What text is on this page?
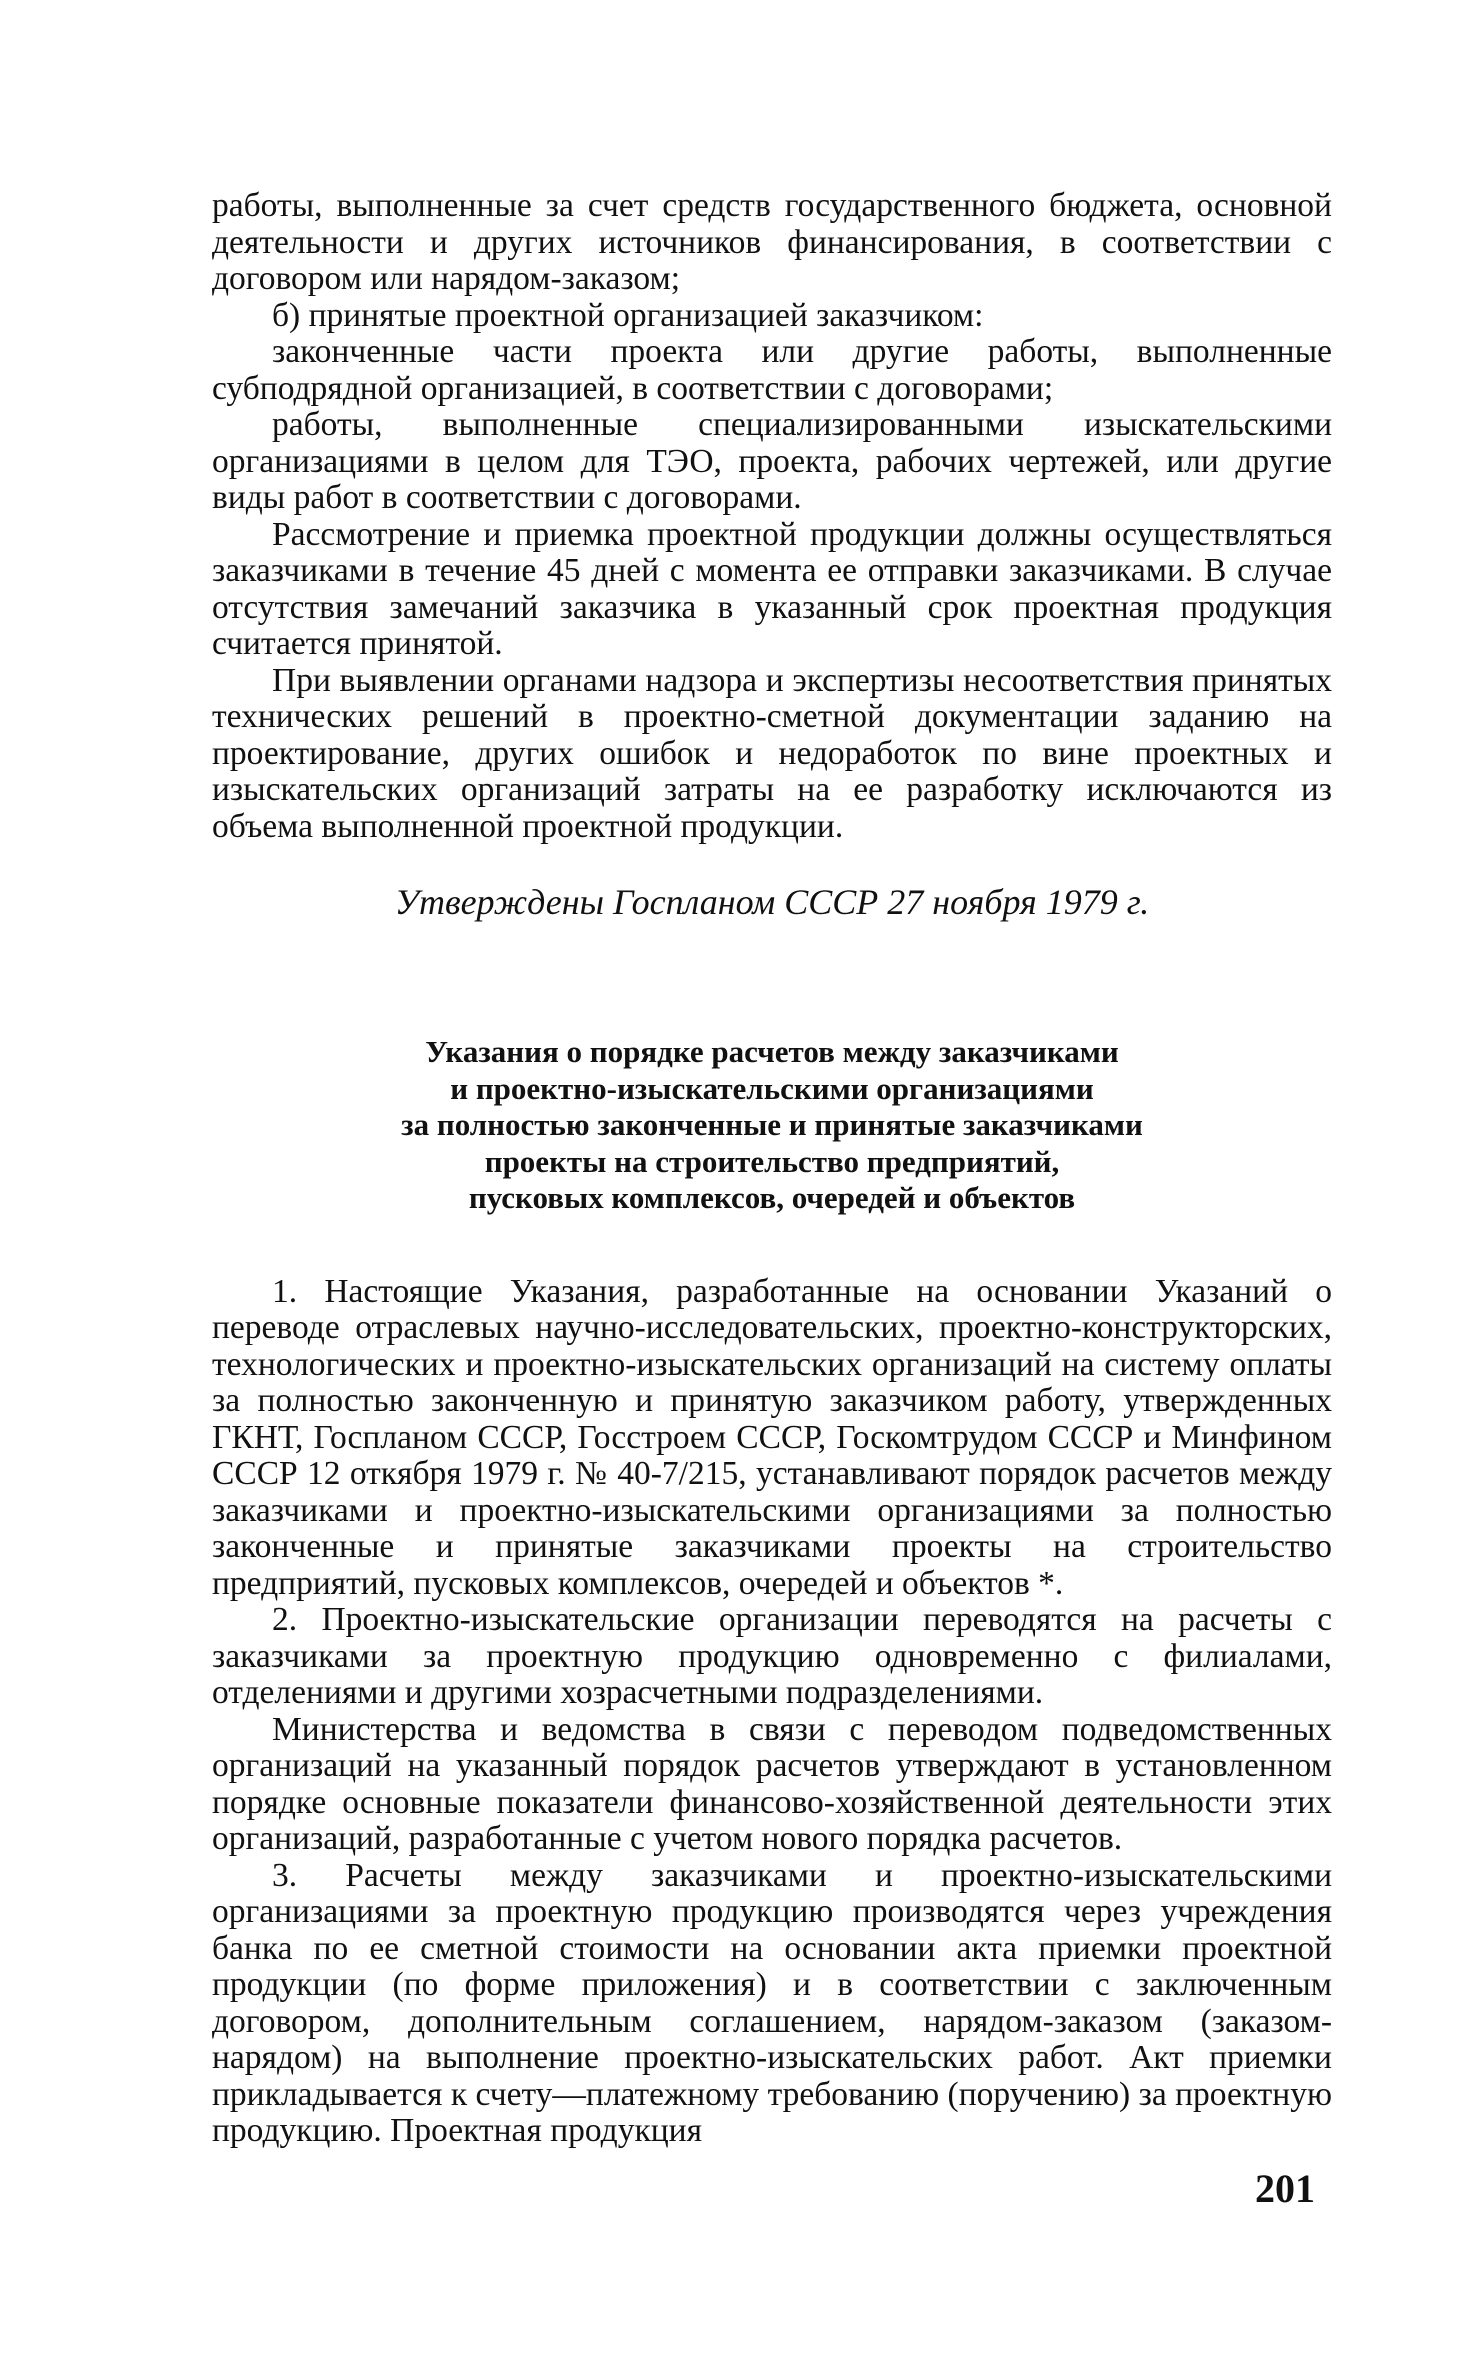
работы, выполненные за счет средств государственного бюджета, основной деятельности и других источников финансирования, в соответствии с договором или нарядом-заказом;

б) принятые проектной организацией заказчиком:

законченные части проекта или другие работы, выполненные субподрядной организацией, в соответствии с договорами;

работы, выполненные специализированными изыскательскими организациями в целом для ТЭО, проекта, рабочих чертежей, или другие виды работ в соответствии с договорами.

Рассмотрение и приемка проектной продукции должны осуществляться заказчиками в течение 45 дней с момента ее отправки заказчиками. В случае отсутствия замечаний заказчика в указанный срок проектная продукция считается принятой.

При выявлении органами надзора и экспертизы несоответствия принятых технических решений в проектно-сметной документации заданию на проектирование, других ошибок и недоработок по вине проектных и изыскательских организаций затраты на ее разработку исключаются из объема выполненной проектной продукции.

Утверждены Госпланом СССР 27 ноября 1979 г.
Указания о порядке расчетов между заказчиками
и проектно-изыскательскими организациями
за полностью законченные и принятые заказчиками
проекты на строительство предприятий,
пусковых комплексов, очередей и объектов

1. Настоящие Указания, разработанные на основании Указаний о переводе отраслевых научно-исследовательских, проектно-конструкторских, технологических и проектно-изыскательских организаций на систему оплаты за полностью законченную и принятую заказчиком работу, утвержденных ГКНТ, Госпланом СССР, Госстроем СССР, Госкомтрудом СССР и Минфином СССР 12 откября 1979 г. № 40-7/215, устанавливают порядок расчетов между заказчиками и проектно-изыскательскими организациями за полностью законченные и принятые заказчиками проекты на строительство предприятий, пусковых комплексов, очередей и объектов *.

2. Проектно-изыскательские организации переводятся на расчеты с заказчиками за проектную продукцию одновременно с филиалами, отделениями и другими хозрасчетными подразделениями.

Министерства и ведомства в связи с переводом подведомственных организаций на указанный порядок расчетов утверждают в установленном порядке основные показатели финансово-хозяйственной деятельности этих организаций, разработанные с учетом нового порядка расчетов.

3. Расчеты между заказчиками и проектно-изыскательскими организациями за проектную продукцию производятся через учреждения банка по ее сметной стоимости на основании акта приемки проектной продукции (по форме приложения) и в соответствии с заключенным договором, дополнительным соглашением, нарядом-заказом (заказом-нарядом) на выполнение проектно-изыскательских работ. Акт приемки прикладывается к счету—платежному требованию (поручению) за проектную продукцию. Проектная продукция

201
